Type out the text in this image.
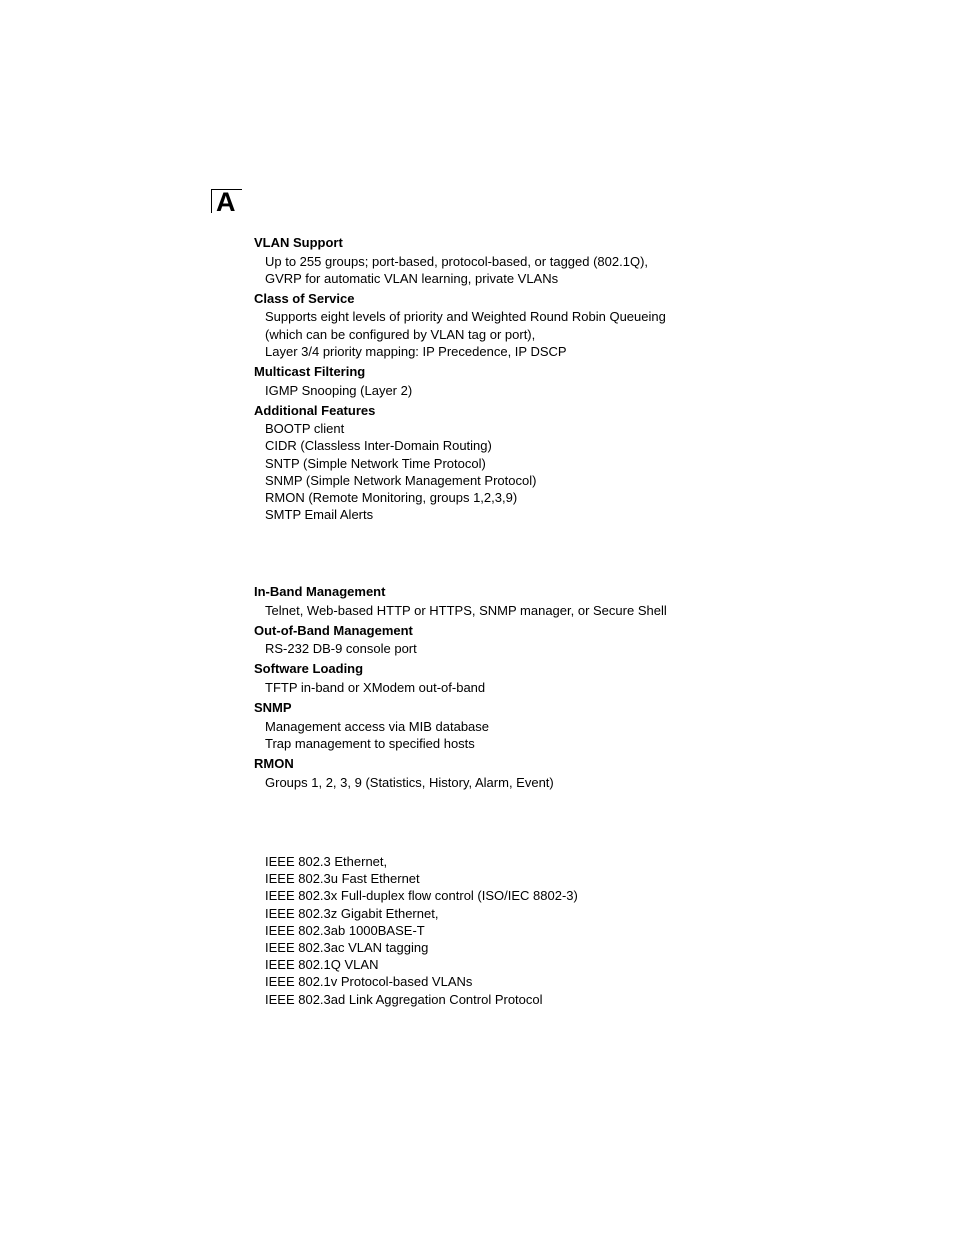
A
VLAN Support
Up to 255 groups; port-based, protocol-based, or tagged (802.1Q),
GVRP for automatic VLAN learning, private VLANs
Class of Service
Supports eight levels of priority and Weighted Round Robin Queueing
(which can be configured by VLAN tag or port),
Layer 3/4 priority mapping: IP Precedence, IP DSCP
Multicast Filtering
IGMP Snooping (Layer 2)
Additional Features
BOOTP client
CIDR (Classless Inter-Domain Routing)
SNTP (Simple Network Time Protocol)
SNMP (Simple Network Management Protocol)
RMON (Remote Monitoring, groups 1,2,3,9)
SMTP Email Alerts
In-Band Management
Telnet, Web-based HTTP or HTTPS, SNMP manager, or Secure Shell
Out-of-Band Management
RS-232 DB-9 console port
Software Loading
TFTP in-band or XModem out-of-band
SNMP
Management access via MIB database
Trap management to specified hosts
RMON
Groups 1, 2, 3, 9 (Statistics, History, Alarm, Event)
IEEE 802.3 Ethernet,
IEEE 802.3u Fast Ethernet
IEEE 802.3x Full-duplex flow control (ISO/IEC 8802-3)
IEEE 802.3z Gigabit Ethernet,
IEEE 802.3ab 1000BASE-T
IEEE 802.3ac VLAN tagging
IEEE 802.1Q VLAN
IEEE 802.1v Protocol-based VLANs
IEEE 802.3ad Link Aggregation Control Protocol
